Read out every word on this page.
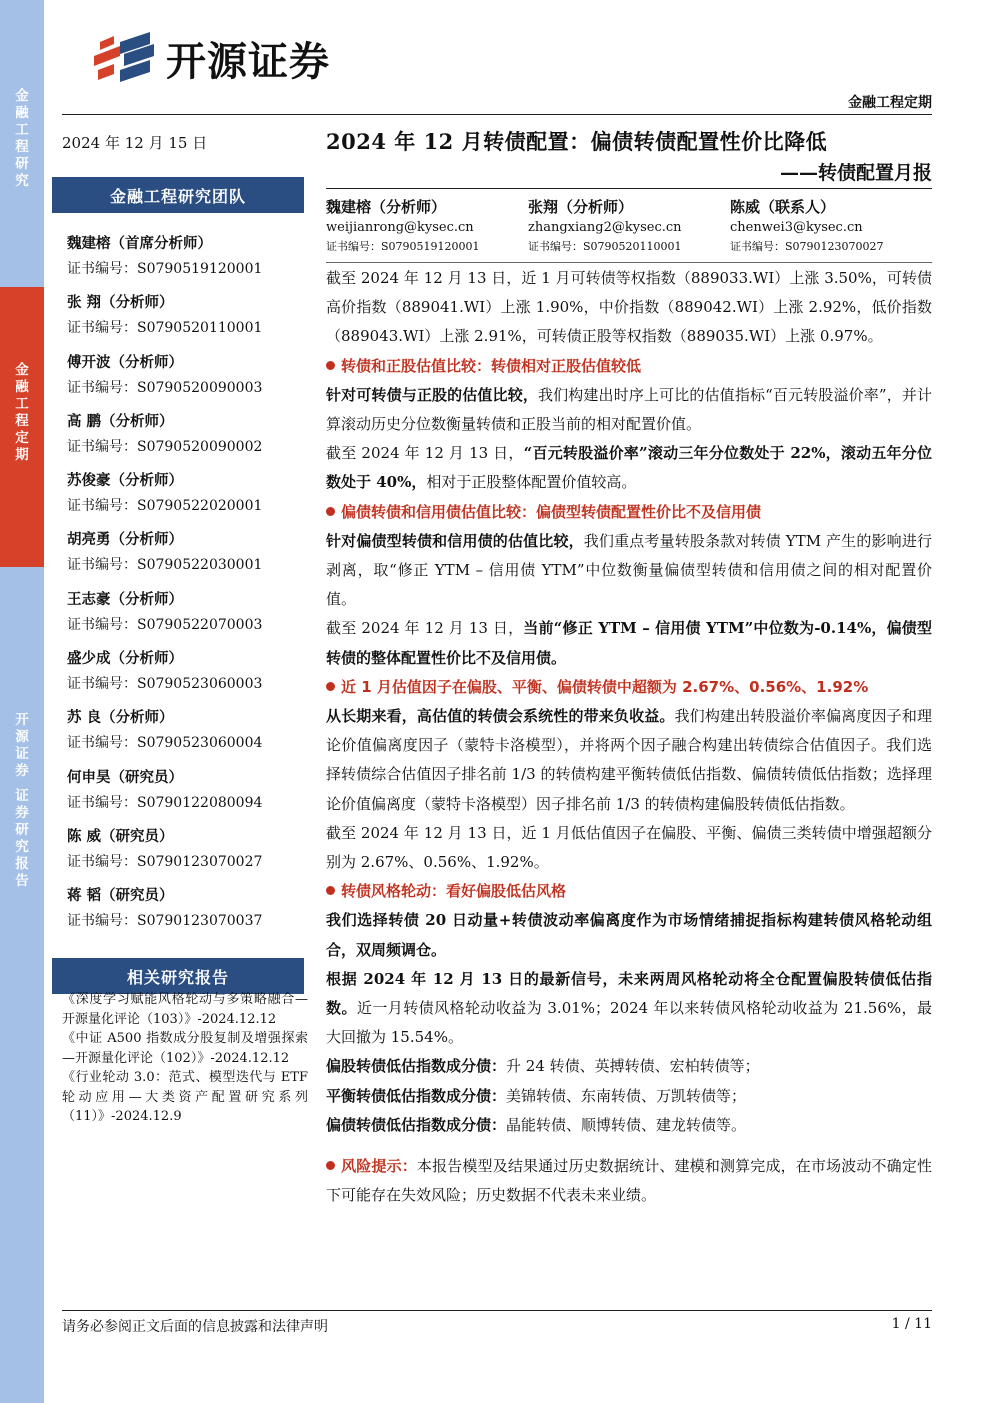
金
融
工
程
研
究
金
融
工
程
定
期
开
源
证
券
证
券
研
究
报
告
开源证券
金融工程定期
2024 年 12 月 15 日
金融工程研究团队
魏建榕（首席分析师）
证书编号：S0790519120001
张 翔（分析师）
证书编号：S0790520110001
傅开波（分析师）
证书编号：S0790520090003
高 鹏（分析师）
证书编号：S0790520090002
苏俊豪（分析师）
证书编号：S0790522020001
胡亮勇（分析师）
证书编号：S0790522030001
王志豪（分析师）
证书编号：S0790522070003
盛少成（分析师）
证书编号：S0790523060003
苏 良（分析师）
证书编号：S0790523060004
何申昊（研究员）
证书编号：S0790122080094
陈 威（研究员）
证书编号：S0790123070027
蒋 韬（研究员）
证书编号：S0790123070037
相关研究报告

《深度学习赋能风格轮动与多策略融合—开源量化评论（103）》-2024.12.12

《中证 A500 指数成分股复制及增强探索—开源量化评论（102）》-2024.12.12

《行业轮动 3.0：范式、模型迭代与 ETF 轮动应用—大类资产配置研究系列（11）》-2024.12.9

2024 年 12 月转债配置：偏债转债配置性价比降低
——转债配置月报
魏建榕（分析师）
weijianrong@kysec.cn
证书编号：S0790519120001
张翔（分析师）
zhangxiang2@kysec.cn
证书编号：S0790520110001
陈威（联系人）
chenwei3@kysec.cn
证书编号：S0790123070027

截至 2024 年 12 月 13 日，近 1 月可转债等权指数（889033.WI）上涨 3.50%，可转债高价指数（889041.WI）上涨 1.90%，中价指数（889042.WI）上涨 2.92%，低价指数（889043.WI）上涨 2.91%，可转债正股等权指数（889035.WI）上涨 0.97%。

转债和正股估值比较：转债相对正股估值较低

针对可转债与正股的估值比较，我们构建出时序上可比的估值指标“百元转股溢价率”，并计算滚动历史分位数衡量转债和正股当前的相对配置价值。

截至 2024 年 12 月 13 日，“百元转股溢价率”滚动三年分位数处于 22%，滚动五年分位数处于 40%，相对于正股整体配置价值较高。

偏债转债和信用债估值比较：偏债型转债配置性价比不及信用债

针对偏债型转债和信用债的估值比较，我们重点考量转股条款对转债 YTM 产生的影响进行剥离，取“修正 YTM – 信用债 YTM”中位数衡量偏债型转债和信用债之间的相对配置价值。

截至 2024 年 12 月 13 日，当前“修正 YTM – 信用债 YTM”中位数为-0.14%，偏债型转债的整体配置性价比不及信用债。

近 1 月估值因子在偏股、平衡、偏债转债中超额为 2.67%、0.56%、1.92%

从长期来看，高估值的转债会系统性的带来负收益。我们构建出转股溢价率偏离度因子和理论价值偏离度因子（蒙特卡洛模型），并将两个因子融合构建出转债综合估值因子。我们选择转债综合估值因子排名前 1/3 的转债构建平衡转债低估指数、偏债转债低估指数；选择理论价值偏离度（蒙特卡洛模型）因子排名前 1/3 的转债构建偏股转债低估指数。

截至 2024 年 12 月 13 日，近 1 月低估值因子在偏股、平衡、偏债三类转债中增强超额分别为 2.67%、0.56%、1.92%。

转债风格轮动：看好偏股低估风格

我们选择转债 20 日动量+转债波动率偏离度作为市场情绪捕捉指标构建转债风格轮动组合，双周频调仓。

根据 2024 年 12 月 13 日的最新信号，未来两周风格轮动将全仓配置偏股转债低估指数。近一月转债风格轮动收益为 3.01%；2024 年以来转债风格轮动收益为 21.56%，最大回撤为 15.54%。

偏股转债低估指数成分债：升 24 转债、英搏转债、宏柏转债等；

平衡转债低估指数成分债：美锦转债、东南转债、万凯转债等；

偏债转债低估指数成分债：晶能转债、顺博转债、建龙转债等。

风险提示：本报告模型及结果通过历史数据统计、建模和测算完成，在市场波动不确定性下可能存在失效风险；历史数据不代表未来业绩。

请务必参阅正文后面的信息披露和法律声明	1 / 11
